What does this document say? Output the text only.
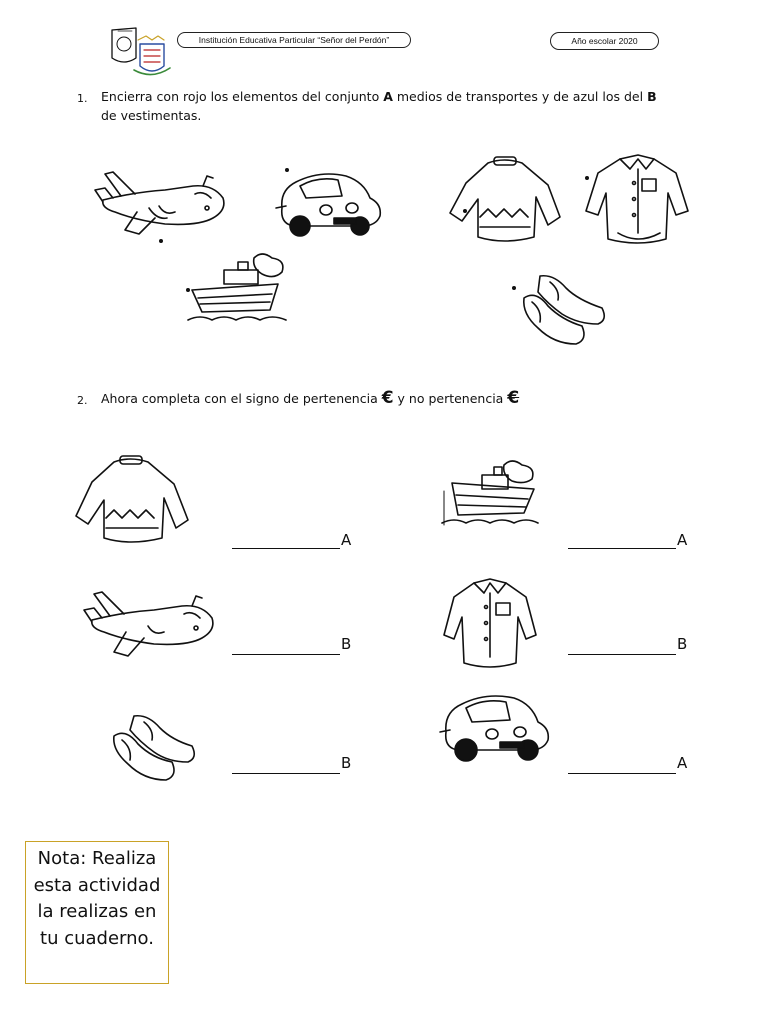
Institución Educativa Particular “Señor del Perdón”	Año escolar 2020
1. Encierra con rojo los elementos del conjunto A medios de transportes y de azul los del B
de vestimentas.
2. Ahora completa con el signo de pertenencia € y no pertenencia €
A	A
B	B
B	A
Nota: Realiza esta actividad la realizas en tu cuaderno.
